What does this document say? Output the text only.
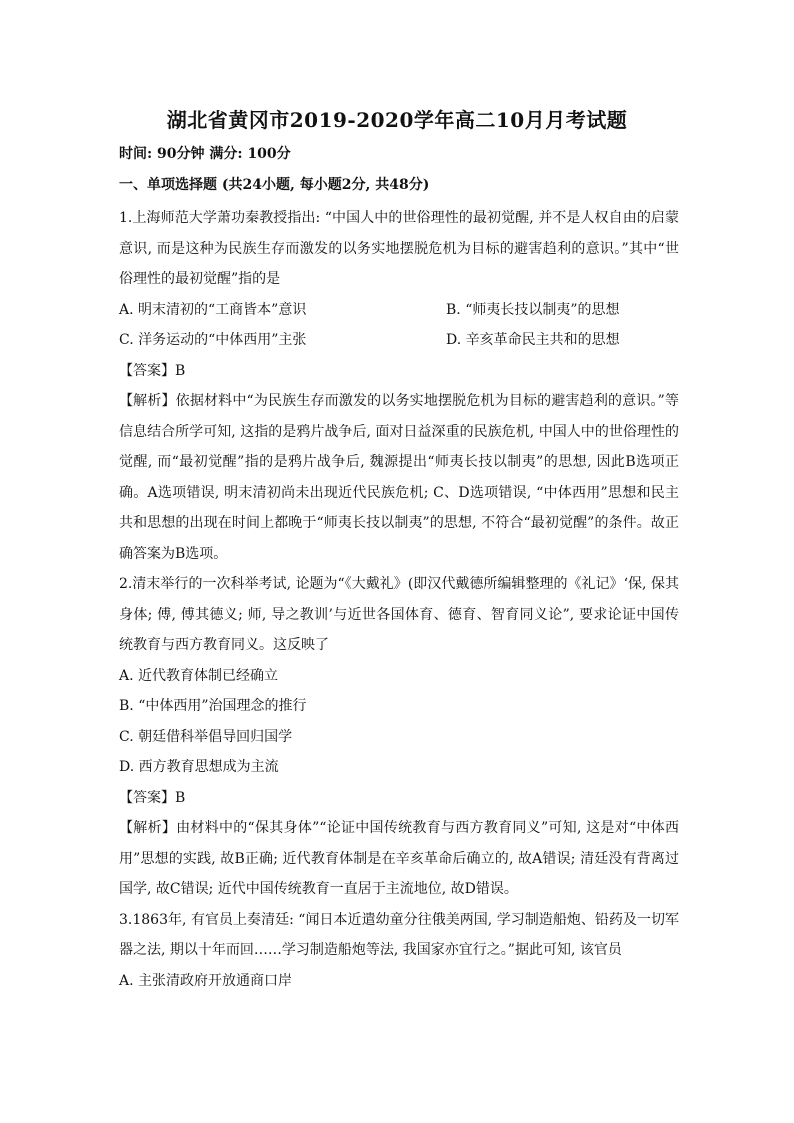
湖北省黄冈市2019-2020学年高二10月月考试题
时间: 90分钟 满分: 100分
一、单项选择题 (共24小题, 每小题2分, 共48分)

1.上海师范大学萧功秦教授指出: “中国人中的世俗理性的最初觉醒, 并不是人权自由的启蒙意识, 而是这种为民族生存而激发的以务实地摆脱危机为目标的避害趋利的意识。”其中“世俗理性的最初觉醒”指的是

A. 明末清初的“工商皆本”意识	B. “师夷长技以制夷”的思想
C. 洋务运动的“中体西用”主张	D. 辛亥革命民主共和的思想

【答案】B

【解析】依据材料中“为民族生存而激发的以务实地摆脱危机为目标的避害趋利的意识。”等信息结合所学可知, 这指的是鸦片战争后, 面对日益深重的民族危机, 中国人中的世俗理性的觉醒, 而“最初觉醒”指的是鸦片战争后, 魏源提出“师夷长技以制夷”的思想, 因此B选项正确。A选项错误, 明末清初尚未出现近代民族危机; C、D选项错误, “中体西用”思想和民主共和思想的出现在时间上都晚于“师夷长技以制夷”的思想, 不符合“最初觉醒”的条件。故正确答案为B选项。

2.清末举行的一次科举考试, 论题为“《大戴礼》(即汉代戴德所编辑整理的《礼记》‘保, 保其身体; 傅, 傅其德义; 师, 导之教训’与近世各国体育、德育、智育同义论”, 要求论证中国传统教育与西方教育同义。这反映了

A. 近代教育体制已经确立

B. “中体西用”治国理念的推行

C. 朝廷借科举倡导回归国学

D. 西方教育思想成为主流

【答案】B

【解析】由材料中的“保其身体”“论证中国传统教育与西方教育同义”可知, 这是对“中体西用”思想的实践, 故B正确; 近代教育体制是在辛亥革命后确立的, 故A错误; 清廷没有背离过国学, 故C错误; 近代中国传统教育一直居于主流地位, 故D错误。

3.1863年, 有官员上奏清廷: “闻日本近遣幼童分往俄美两国, 学习制造船炮、铅药及一切军器之法, 期以十年而回……学习制造船炮等法, 我国家亦宜行之。”据此可知, 该官员

A. 主张清政府开放通商口岸
